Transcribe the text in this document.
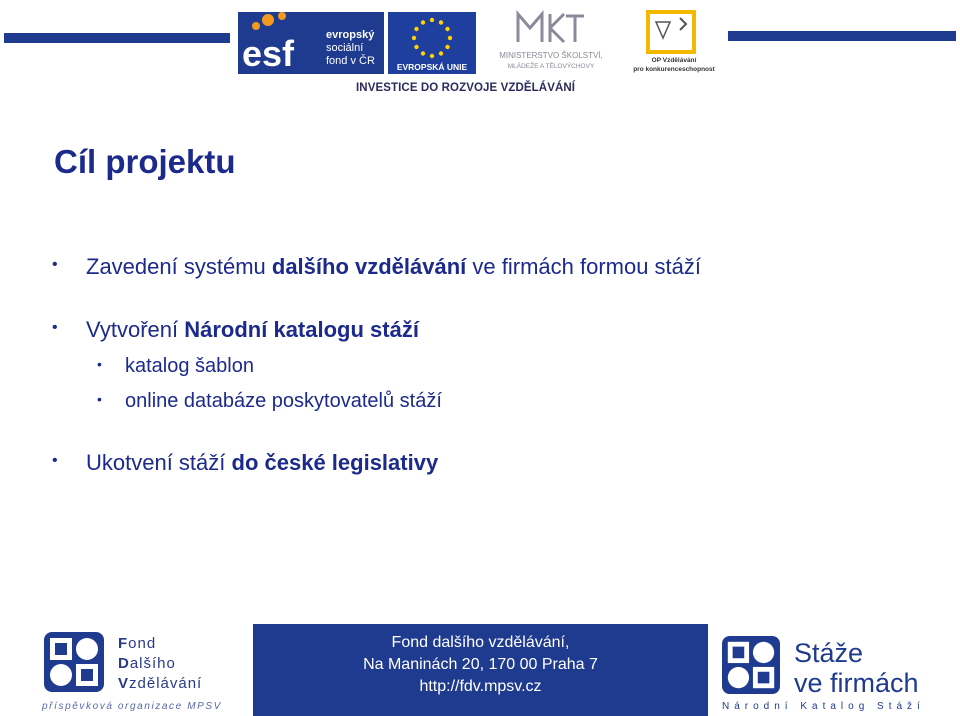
esf	evropský
sociální
fond v ČR	EVROPSKÁ UNIE
MINISTERSTVO ŠKOLSTVÍ,
MLÁDEŽE A TĚLOVÝCHOVY
OP Vzdělávání
pro konkurenceschopnost
INVESTICE DO ROZVOJE VZDĚLÁVÁNÍ
Cíl projektu
• Zavedení systému dalšího vzdělávání ve firmách formou stáží
• Vytvoření Národní katalogu stáží
• katalog šablon
• online databáze poskytovatelů stáží
• Ukotvení stáží do české legislativy
Fond
Dalšího
Vzdělávání
příspěvková organizace MPSV
Fond dalšího vzdělávání,
Na Maninách 20, 170 00 Praha 7
http://fdv.mpsv.cz
Stáže
ve firmách
Národní Katalog Stáží
